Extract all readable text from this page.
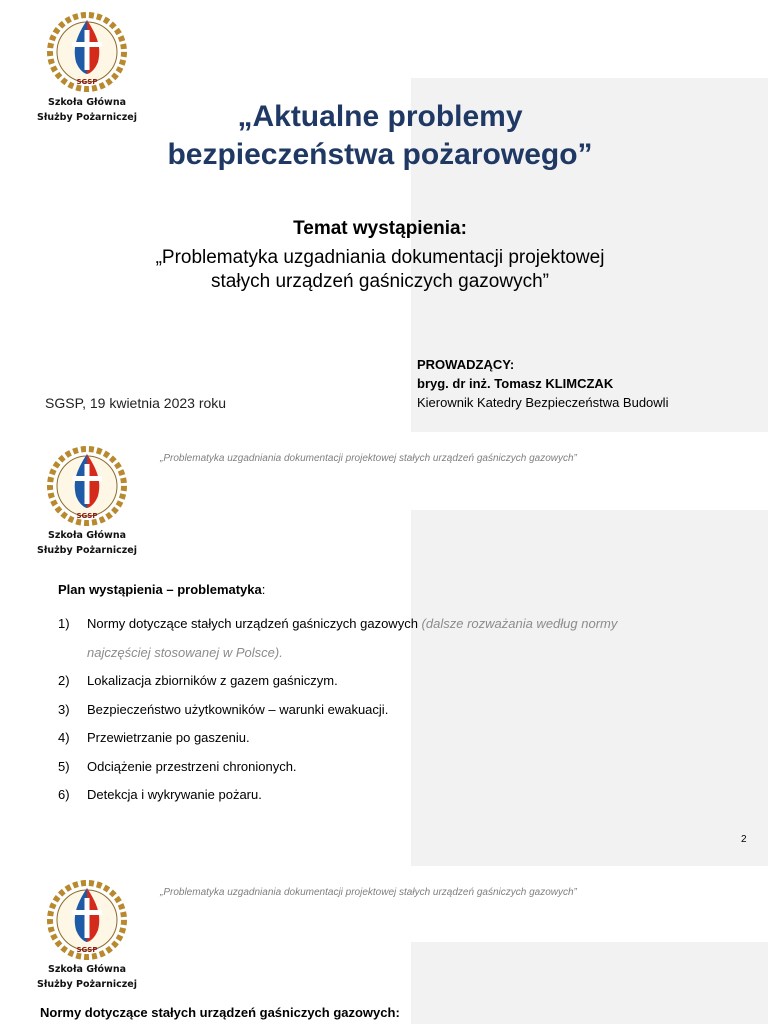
SGSP
Szkoła Główna
Służby Pożarniczej	„Aktualne problemy
bezpieczeństwa pożarowego”
Temat wystąpienia:
„Problematyka uzgadniania dokumentacji projektowej
stałych urządzeń gaśniczych gazowych”
SGSP, 19 kwietnia 2023 roku
PROWADZĄCY:
bryg. dr inż. Tomasz KLIMCZAK
Kierownik Katedry Bezpieczeństwa Budowli
„Problematyka uzgadniania dokumentacji projektowej stałych urządzeń gaśniczych gazowych”
SGSP
Szkoła Główna
Służby Pożarniczej
Plan wystąpienia – problematyka:
1) Normy dotyczące stałych urządzeń gaśniczych gazowych (dalsze rozważania według normy
najczęściej stosowanej w Polsce).
2) Lokalizacja zbiorników z gazem gaśniczym.
3) Bezpieczeństwo użytkowników – warunki ewakuacji.
4) Przewietrzanie po gaszeniu.
5) Odciążenie przestrzeni chronionych.
6) Detekcja i wykrywanie pożaru.
2
„Problematyka uzgadniania dokumentacji projektowej stałych urządzeń gaśniczych gazowych”
SGSP
Szkoła Główna
Służby Pożarniczej
Normy dotyczące stałych urządzeń gaśniczych gazowych:
